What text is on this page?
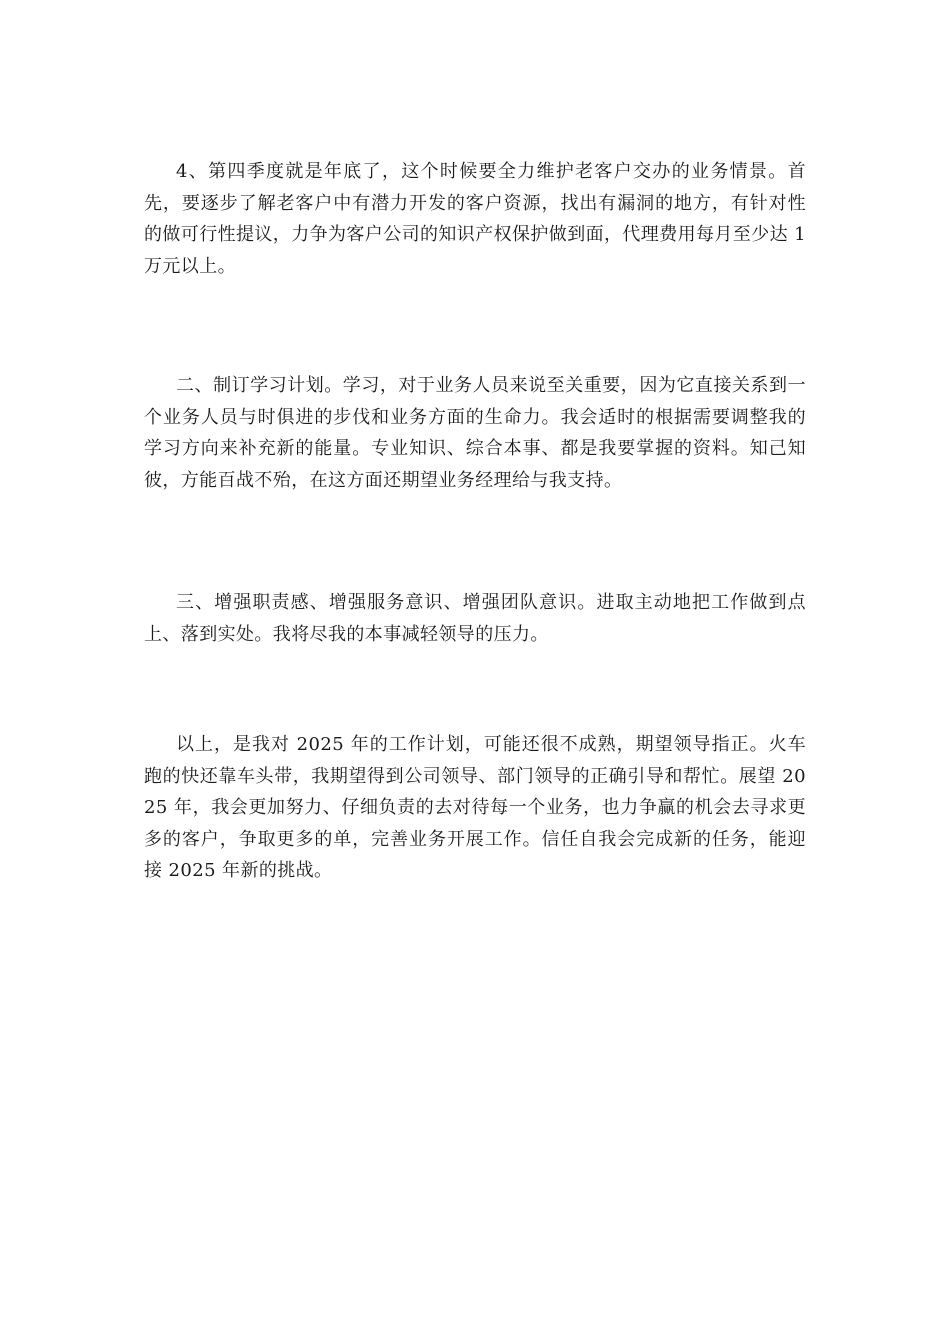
4、第四季度就是年底了，这个时候要全力维护老客户交办的业务情景。首先，要逐步了解老客户中有潜力开发的客户资源，找出有漏洞的地方，有针对性的做可行性提议，力争为客户公司的知识产权保护做到面，代理费用每月至少达 1 万元以上。

二、制订学习计划。学习，对于业务人员来说至关重要，因为它直接关系到一个业务人员与时俱进的步伐和业务方面的生命力。我会适时的根据需要调整我的学习方向来补充新的能量。专业知识、综合本事、都是我要掌握的资料。知己知彼，方能百战不殆，在这方面还期望业务经理给与我支持。

三、增强职责感、增强服务意识、增强团队意识。进取主动地把工作做到点上、落到实处。我将尽我的本事减轻领导的压力。

以上，是我对 2025 年的工作计划，可能还很不成熟，期望领导指正。火车跑的快还靠车头带，我期望得到公司领导、部门领导的正确引导和帮忙。展望 2025 年，我会更加努力、仔细负责的去对待每一个业务，也力争赢的机会去寻求更多的客户，争取更多的单，完善业务开展工作。信任自我会完成新的任务，能迎接 2025 年新的挑战。
